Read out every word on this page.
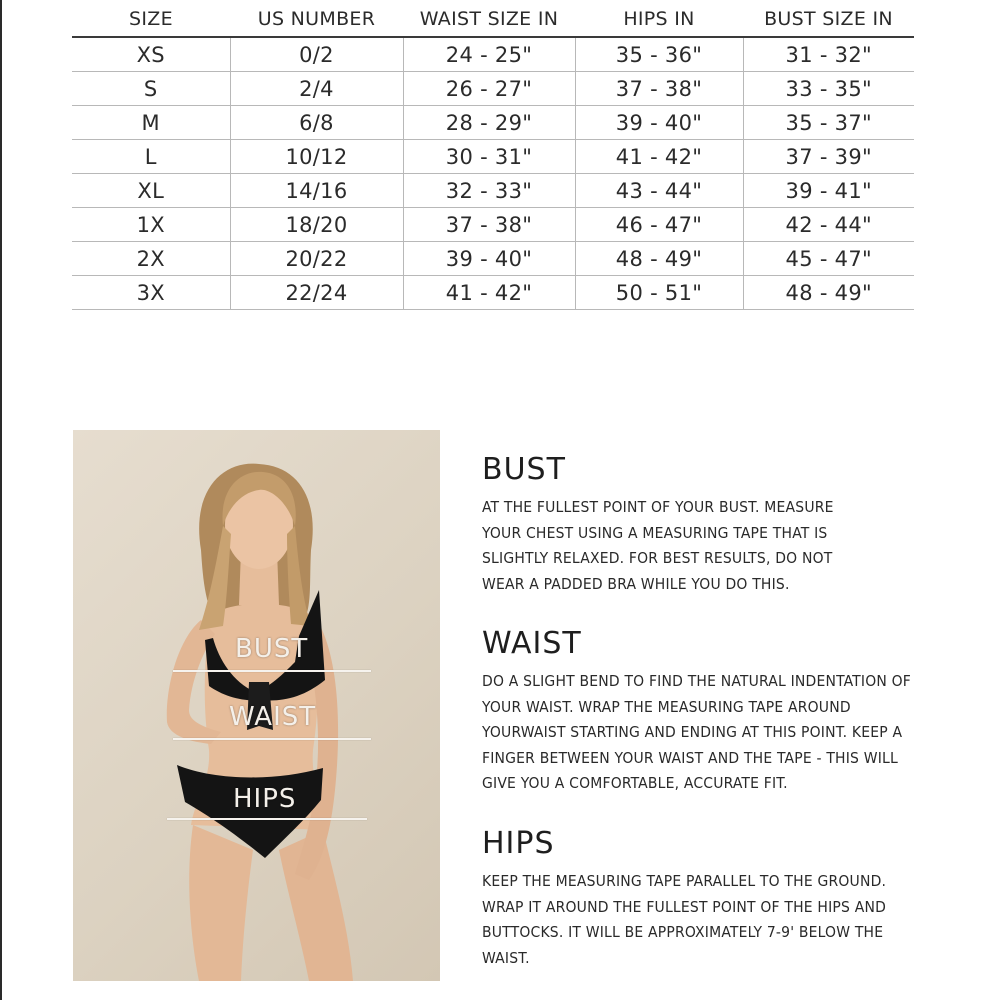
SIZE	US NUMBER	WAIST SIZE IN	HIPS IN	BUST SIZE IN
XS	0/2	24 - 25"	35 - 36"	31 - 32"
S	2/4	26 - 27"	37 - 38"	33 - 35"
M	6/8	28 - 29"	39 - 40"	35 - 37"
L	10/12	30 - 31"	41 - 42"	37 - 39"
XL	14/16	32 - 33"	43 - 44"	39 - 41"
1X	18/20	37 - 38"	46 - 47"	42 - 44"
2X	20/22	39 - 40"	48 - 49"	45 - 47"
3X	22/24	41 - 42"	50 - 51"	48 - 49"
BUST
WAIST
HIPS
BUST

AT THE FULLEST POINT OF YOUR BUST. MEASURE YOUR CHEST USING A MEASURING TAPE THAT IS SLIGHTLY RELAXED. FOR BEST RESULTS, DO NOT WEAR A PADDED BRA WHILE YOU DO THIS.

WAIST

DO A SLIGHT BEND TO FIND THE NATURAL INDENTATION OF YOUR WAIST. WRAP THE MEASURING TAPE AROUND YOURWAIST STARTING AND ENDING AT THIS POINT. KEEP A FINGER BETWEEN YOUR WAIST AND THE TAPE - THIS WILL GIVE YOU A COMFORTABLE, ACCURATE FIT.

HIPS

KEEP THE MEASURING TAPE PARALLEL TO THE GROUND. WRAP IT AROUND THE FULLEST POINT OF THE HIPS AND BUTTOCKS. IT WILL BE APPROXIMATELY 7-9' BELOW THE WAIST.
